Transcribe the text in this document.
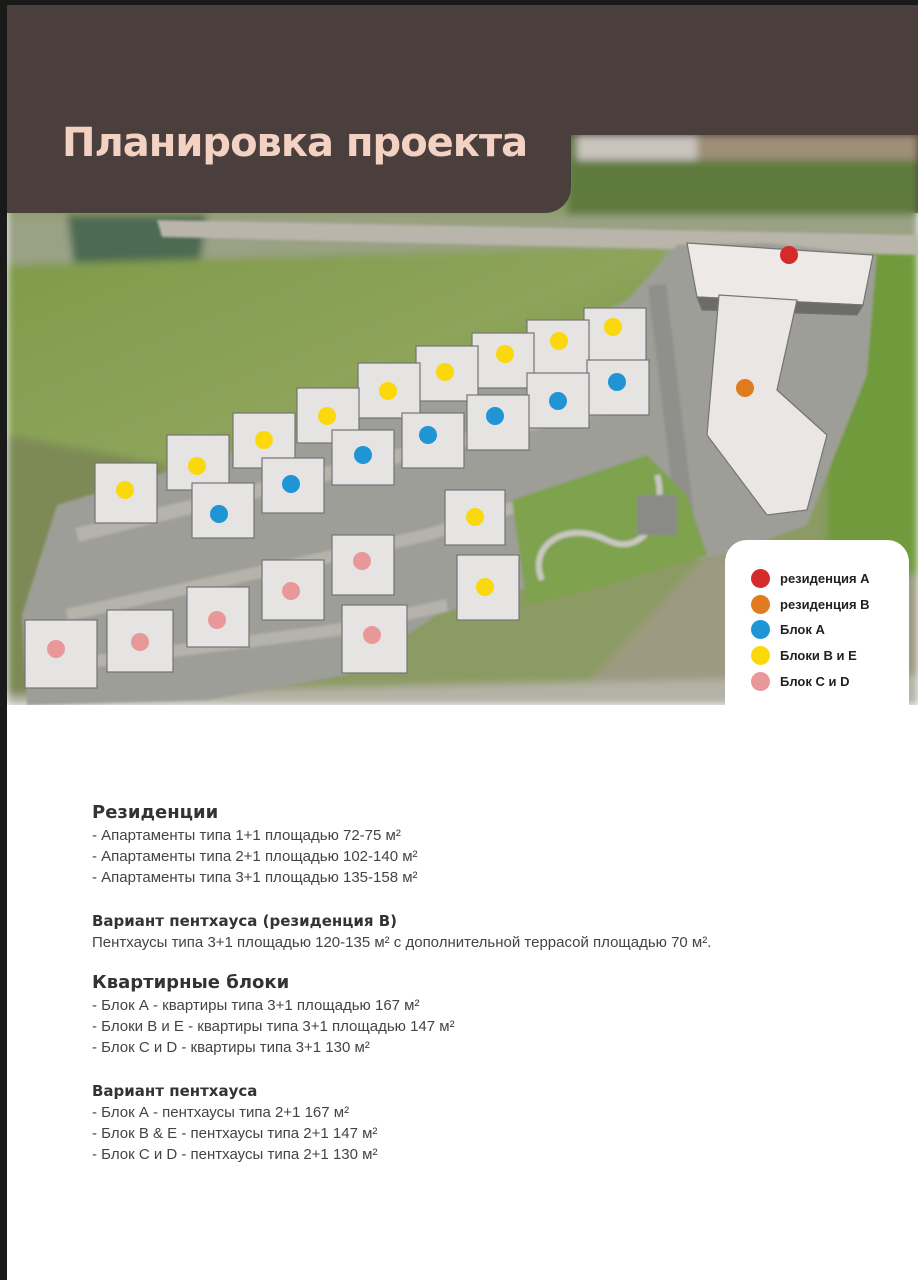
Планировка проекта
резиденция А
резиденция В
Блок А
Блоки В и Е
Блок С и D
Резиденции
- Апартаменты типа 1+1 площадью 72-75 м²
- Апартаменты типа 2+1 площадью 102-140 м²
- Апартаменты типа 3+1 площадью 135-158 м²
Вариант пентхауса (резиденция В)
Пентхаусы типа 3+1 площадью 120-135 м² с дополнительной террасой площадью 70 м².
Квартирные блоки
- Блок А - квартиры типа 3+1 площадью 167 м²
- Блоки В и Е - квартиры типа 3+1 площадью 147 м²
- Блок С и D - квартиры типа 3+1 130 м²
Вариант пентхауса
- Блок А - пентхаусы типа 2+1 167 м²
- Блок В & Е - пентхаусы типа 2+1 147 м²
- Блок С и D - пентхаусы типа 2+1 130 м²
